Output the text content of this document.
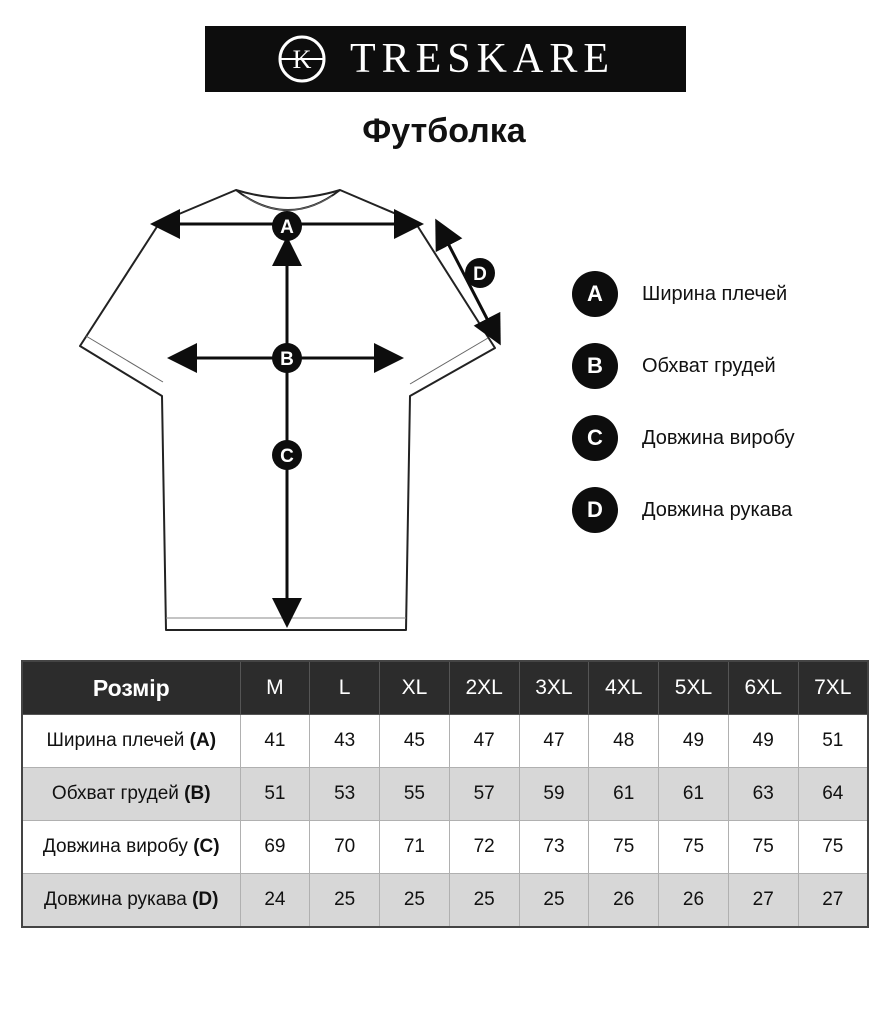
K TRESKARE
Футболка
A
B
C
D
A	Ширина плечей
B	Обхват грудей
C	Довжина виробу
D	Довжина рукава
Розмір	M	L	XL	2XL	3XL	4XL	5XL	6XL	7XL
Ширина плечей (A)	41	43	45	47	47	48	49	49	51
Обхват грудей (B)	51	53	55	57	59	61	61	63	64
Довжина виробу (C)	69	70	71	72	73	75	75	75	75
Довжина рукава (D)	24	25	25	25	25	26	26	27	27
